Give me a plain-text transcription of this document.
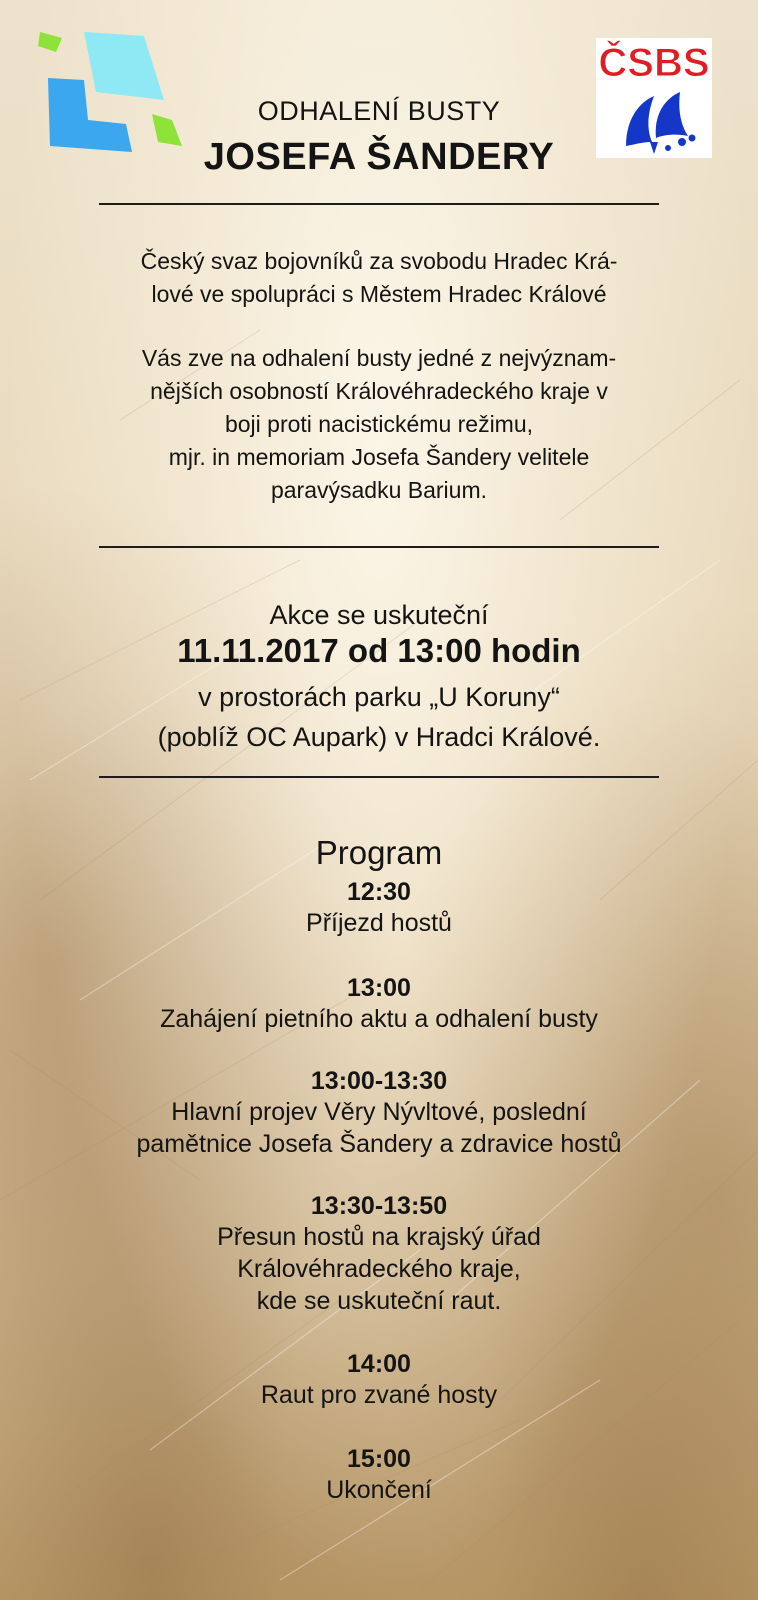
ČSBS
ODHALENÍ BUSTY
JOSEFA ŠANDERY
Český svaz bojovníků za svobodu Hradec Krá-
lové ve spolupráci s Městem Hradec Králové
Vás zve na odhalení busty jedné z nejvýznam-
nějších osobností Královéhradeckého kraje v
boji proti nacistickému režimu,
mjr. in memoriam Josefa Šandery velitele
paravýsadku Barium.
Akce se uskuteční
11.11.2017 od 13:00 hodin
v prostorách parku „U Koruny“
(poblíž OC Aupark) v Hradci Králové.
Program
12:30
Příjezd hostů
13:00
Zahájení pietního aktu a odhalení busty
13:00-13:30
Hlavní projev Věry Nývltové, poslední
pamětnice Josefa Šandery a zdravice hostů
13:30-13:50
Přesun hostů na krajský úřad
Královéhradeckého kraje,
kde se uskuteční raut.
14:00
Raut pro zvané hosty
15:00
Ukončení
